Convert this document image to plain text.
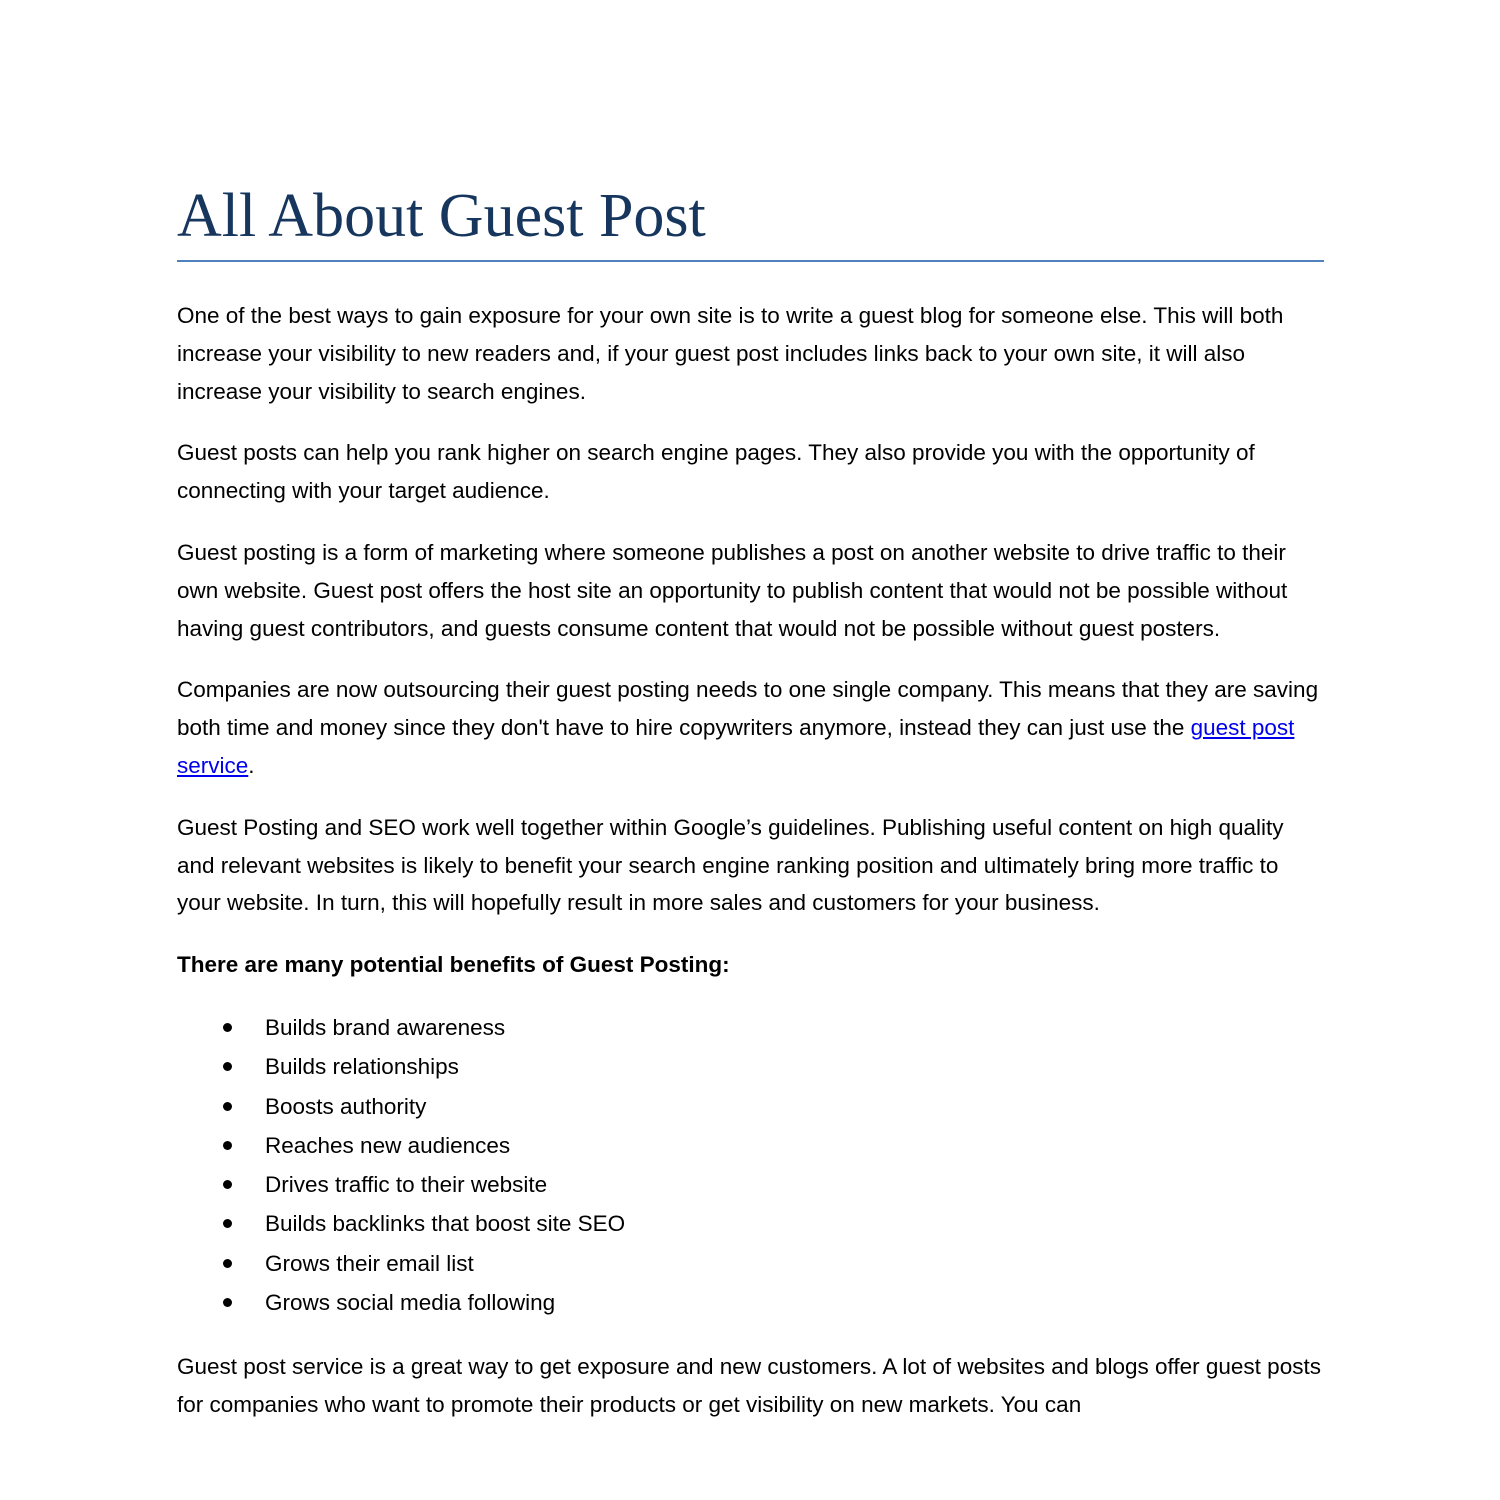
All About Guest Post

One of the best ways to gain exposure for your own site is to write a guest blog for someone else. This will both increase your visibility to new readers and, if your guest post includes links back to your own site, it will also increase your visibility to search engines.

Guest posts can help you rank higher on search engine pages. They also provide you with the opportunity of connecting with your target audience.

Guest posting is a form of marketing where someone publishes a post on another website to drive traffic to their own website. Guest post offers the host site an opportunity to publish content that would not be possible without having guest contributors, and guests consume content that would not be possible without guest posters.

Companies are now outsourcing their guest posting needs to one single company. This means that they are saving both time and money since they don't have to hire copywriters anymore, instead they can just use the guest post service.

Guest Posting and SEO work well together within Google’s guidelines. Publishing useful content on high quality and relevant websites is likely to benefit your search engine ranking position and ultimately bring more traffic to your website. In turn, this will hopefully result in more sales and customers for your business.

There are many potential benefits of Guest Posting:

Builds brand awareness
Builds relationships
Boosts authority
Reaches new audiences
Drives traffic to their website
Builds backlinks that boost site SEO
Grows their email list
Grows social media following

Guest post service is a great way to get exposure and new customers. A lot of websites and blogs offer guest posts for companies who want to promote their products or get visibility on new markets. You can
